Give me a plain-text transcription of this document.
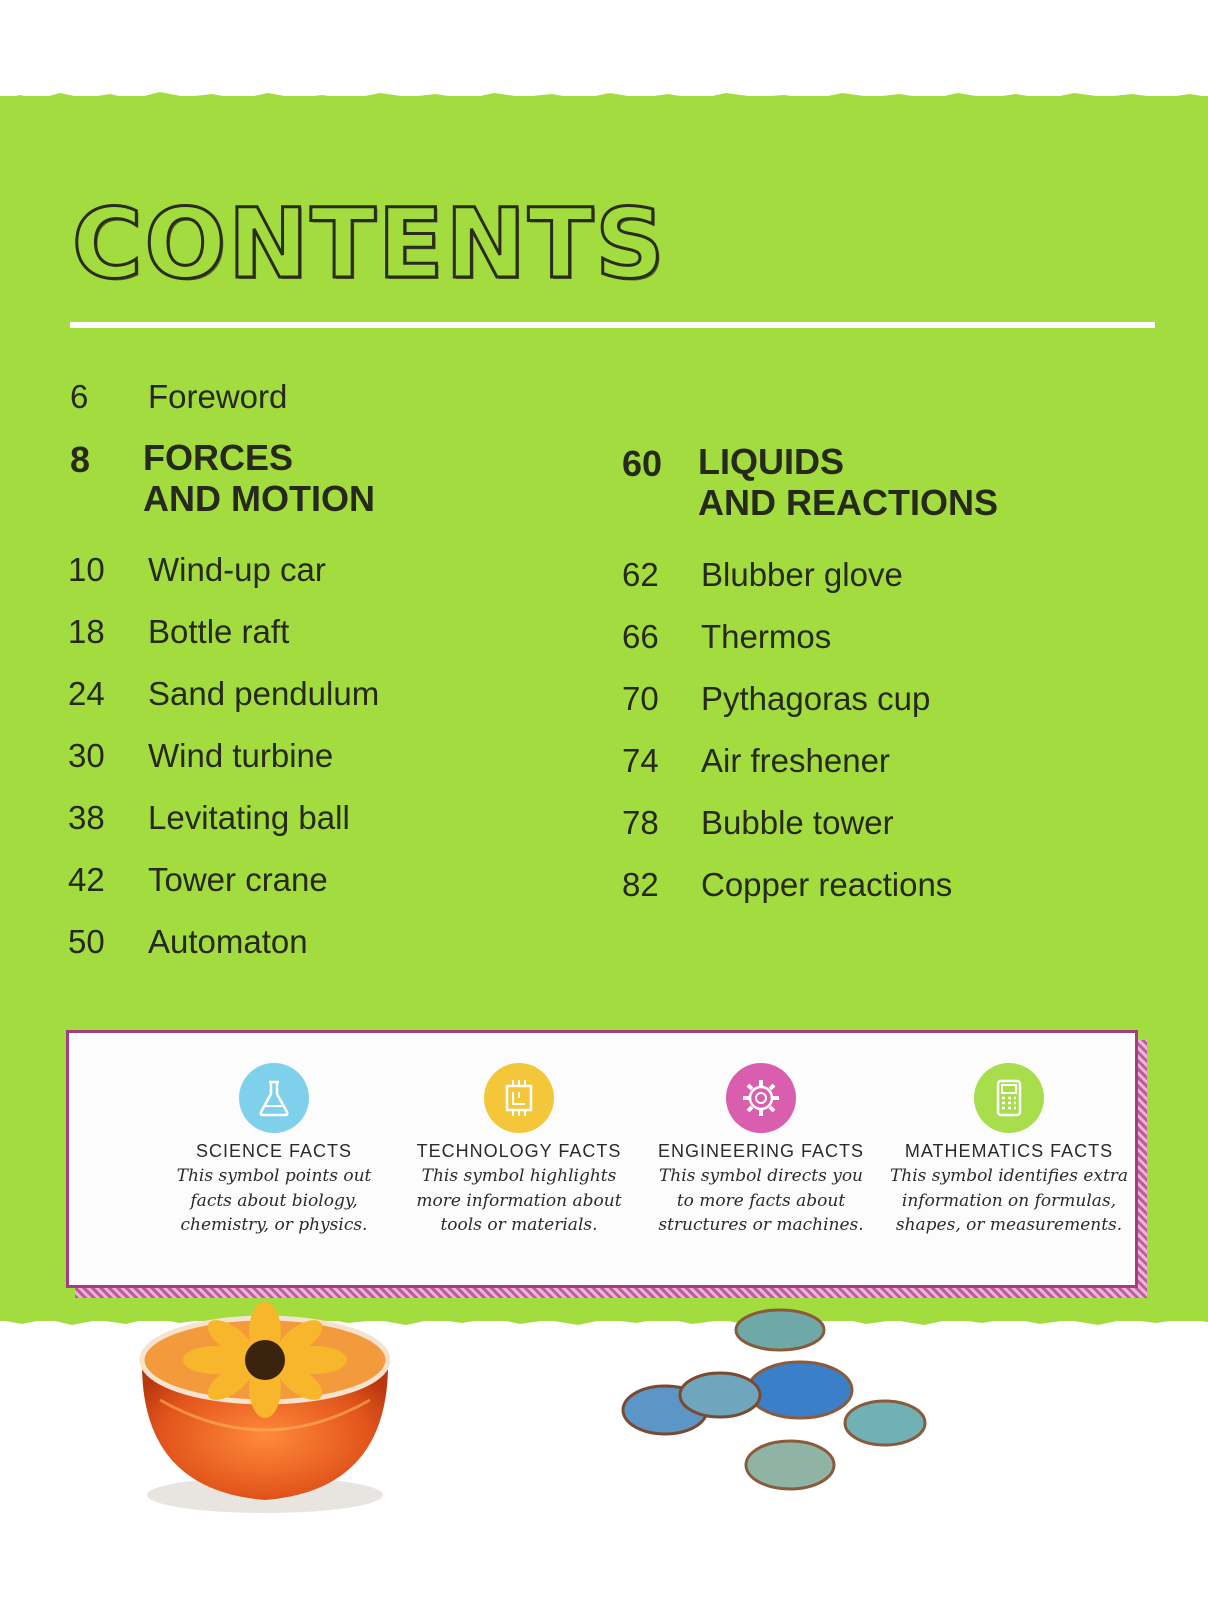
CONTENTS
6 Foreword
8 FORCES
AND MOTION
10 Wind-up car
18 Bottle raft
24 Sand pendulum
30 Wind turbine
38 Levitating ball
42 Tower crane
50 Automaton
60 LIQUIDS
AND REACTIONS
62 Blubber glove
66 Thermos
70 Pythagoras cup
74 Air freshener
78 Bubble tower
82 Copper reactions
SCIENCE FACTS
This symbol points out
facts about biology,
chemistry, or physics.
TECHNOLOGY FACTS
This symbol highlights
more information about
tools or materials.
ENGINEERING FACTS
This symbol directs you
to more facts about
structures or machines.
MATHEMATICS FACTS
This symbol identifies extra
information on formulas,
shapes, or measurements.
